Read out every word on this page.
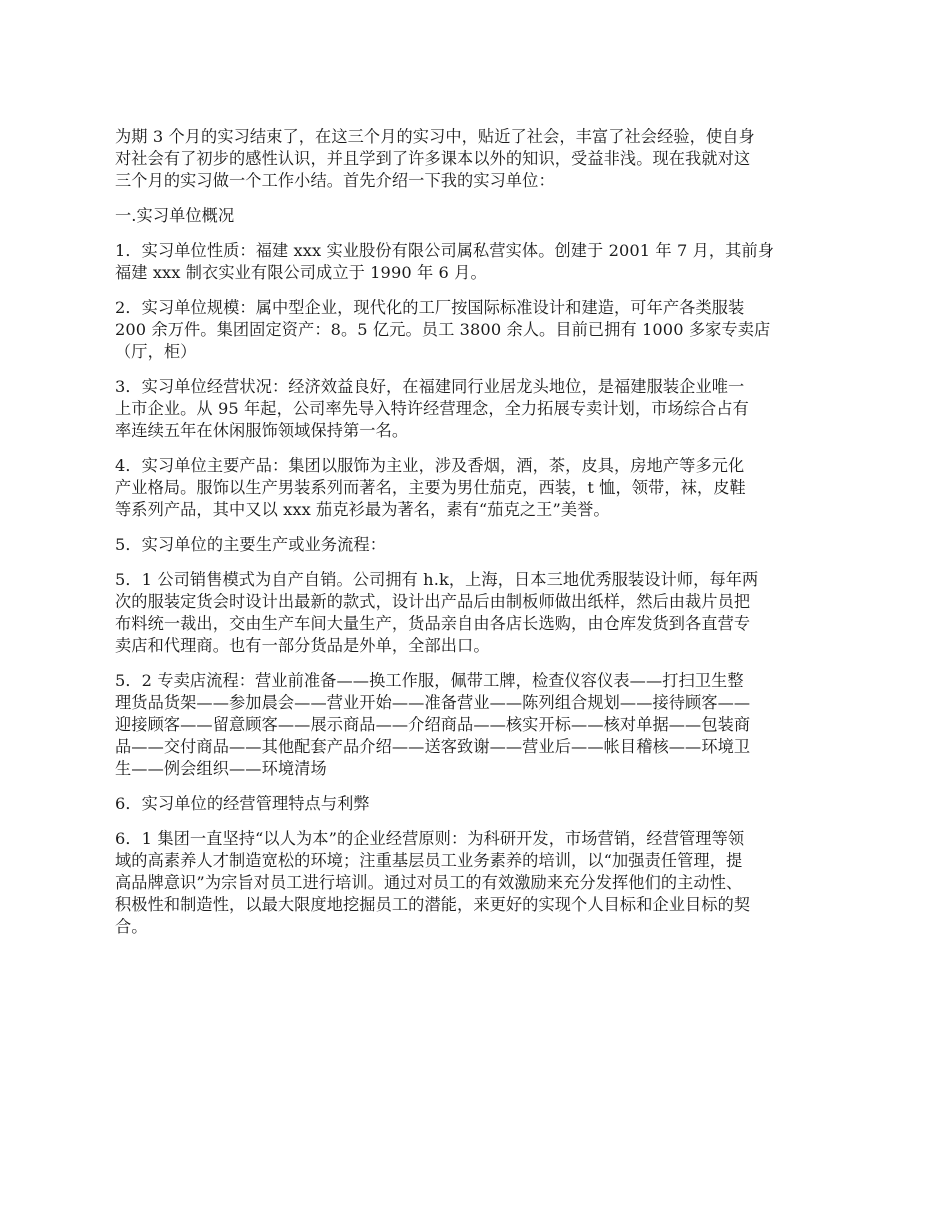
为期 3 个月的实习结束了，在这三个月的实习中，贴近了社会，丰富了社会经验，使自身
对社会有了初步的感性认识，并且学到了许多课本以外的知识，受益非浅。现在我就对这
三个月的实习做一个工作小结。首先介绍一下我的实习单位：

一.实习单位概况

1．实习单位性质：福建 xxx 实业股份有限公司属私营实体。创建于 2001 年 7 月，其前身
福建 xxx 制衣实业有限公司成立于 1990 年 6 月。

2．实习单位规模：属中型企业，现代化的工厂按国际标准设计和建造，可年产各类服装
200 余万件。集团固定资产：8。5 亿元。员工 3800 余人。目前已拥有 1000 多家专卖店
（厅，柜）

3．实习单位经营状况：经济效益良好，在福建同行业居龙头地位，是福建服装企业唯一
上市企业。从 95 年起，公司率先导入特许经营理念，全力拓展专卖计划，市场综合占有
率连续五年在休闲服饰领域保持第一名。

4．实习单位主要产品：集团以服饰为主业，涉及香烟，酒，茶，皮具，房地产等多元化
产业格局。服饰以生产男装系列而著名，主要为男仕茄克，西装，t 恤，领带，袜，皮鞋
等系列产品，其中又以 xxx 茄克衫最为著名，素有“茄克之王”美誉。

5．实习单位的主要生产或业务流程：

5．1 公司销售模式为自产自销。公司拥有 h.k，上海，日本三地优秀服装设计师，每年两
次的服装定货会时设计出最新的款式，设计出产品后由制板师做出纸样，然后由裁片员把
布料统一裁出，交由生产车间大量生产，货品亲自由各店长选购，由仓库发货到各直营专
卖店和代理商。也有一部分货品是外单，全部出口。

5．2 专卖店流程：营业前准备——换工作服，佩带工牌，检查仪容仪表——打扫卫生整
理货品货架——参加晨会——营业开始——准备营业——陈列组合规划——接待顾客——
迎接顾客——留意顾客——展示商品——介绍商品——核实开标——核对单据——包装商
品——交付商品——其他配套产品介绍——送客致谢——营业后——帐目稽核——环境卫
生——例会组织——环境清场

6．实习单位的经营管理特点与利弊

6．1 集团一直坚持“以人为本”的企业经营原则：为科研开发，市场营销，经营管理等领
域的高素养人才制造宽松的环境；注重基层员工业务素养的培训，以“加强责任管理，提
高品牌意识”为宗旨对员工进行培训。通过对员工的有效激励来充分发挥他们的主动性、
积极性和制造性，以最大限度地挖掘员工的潜能，来更好的实现个人目标和企业目标的契
合。
